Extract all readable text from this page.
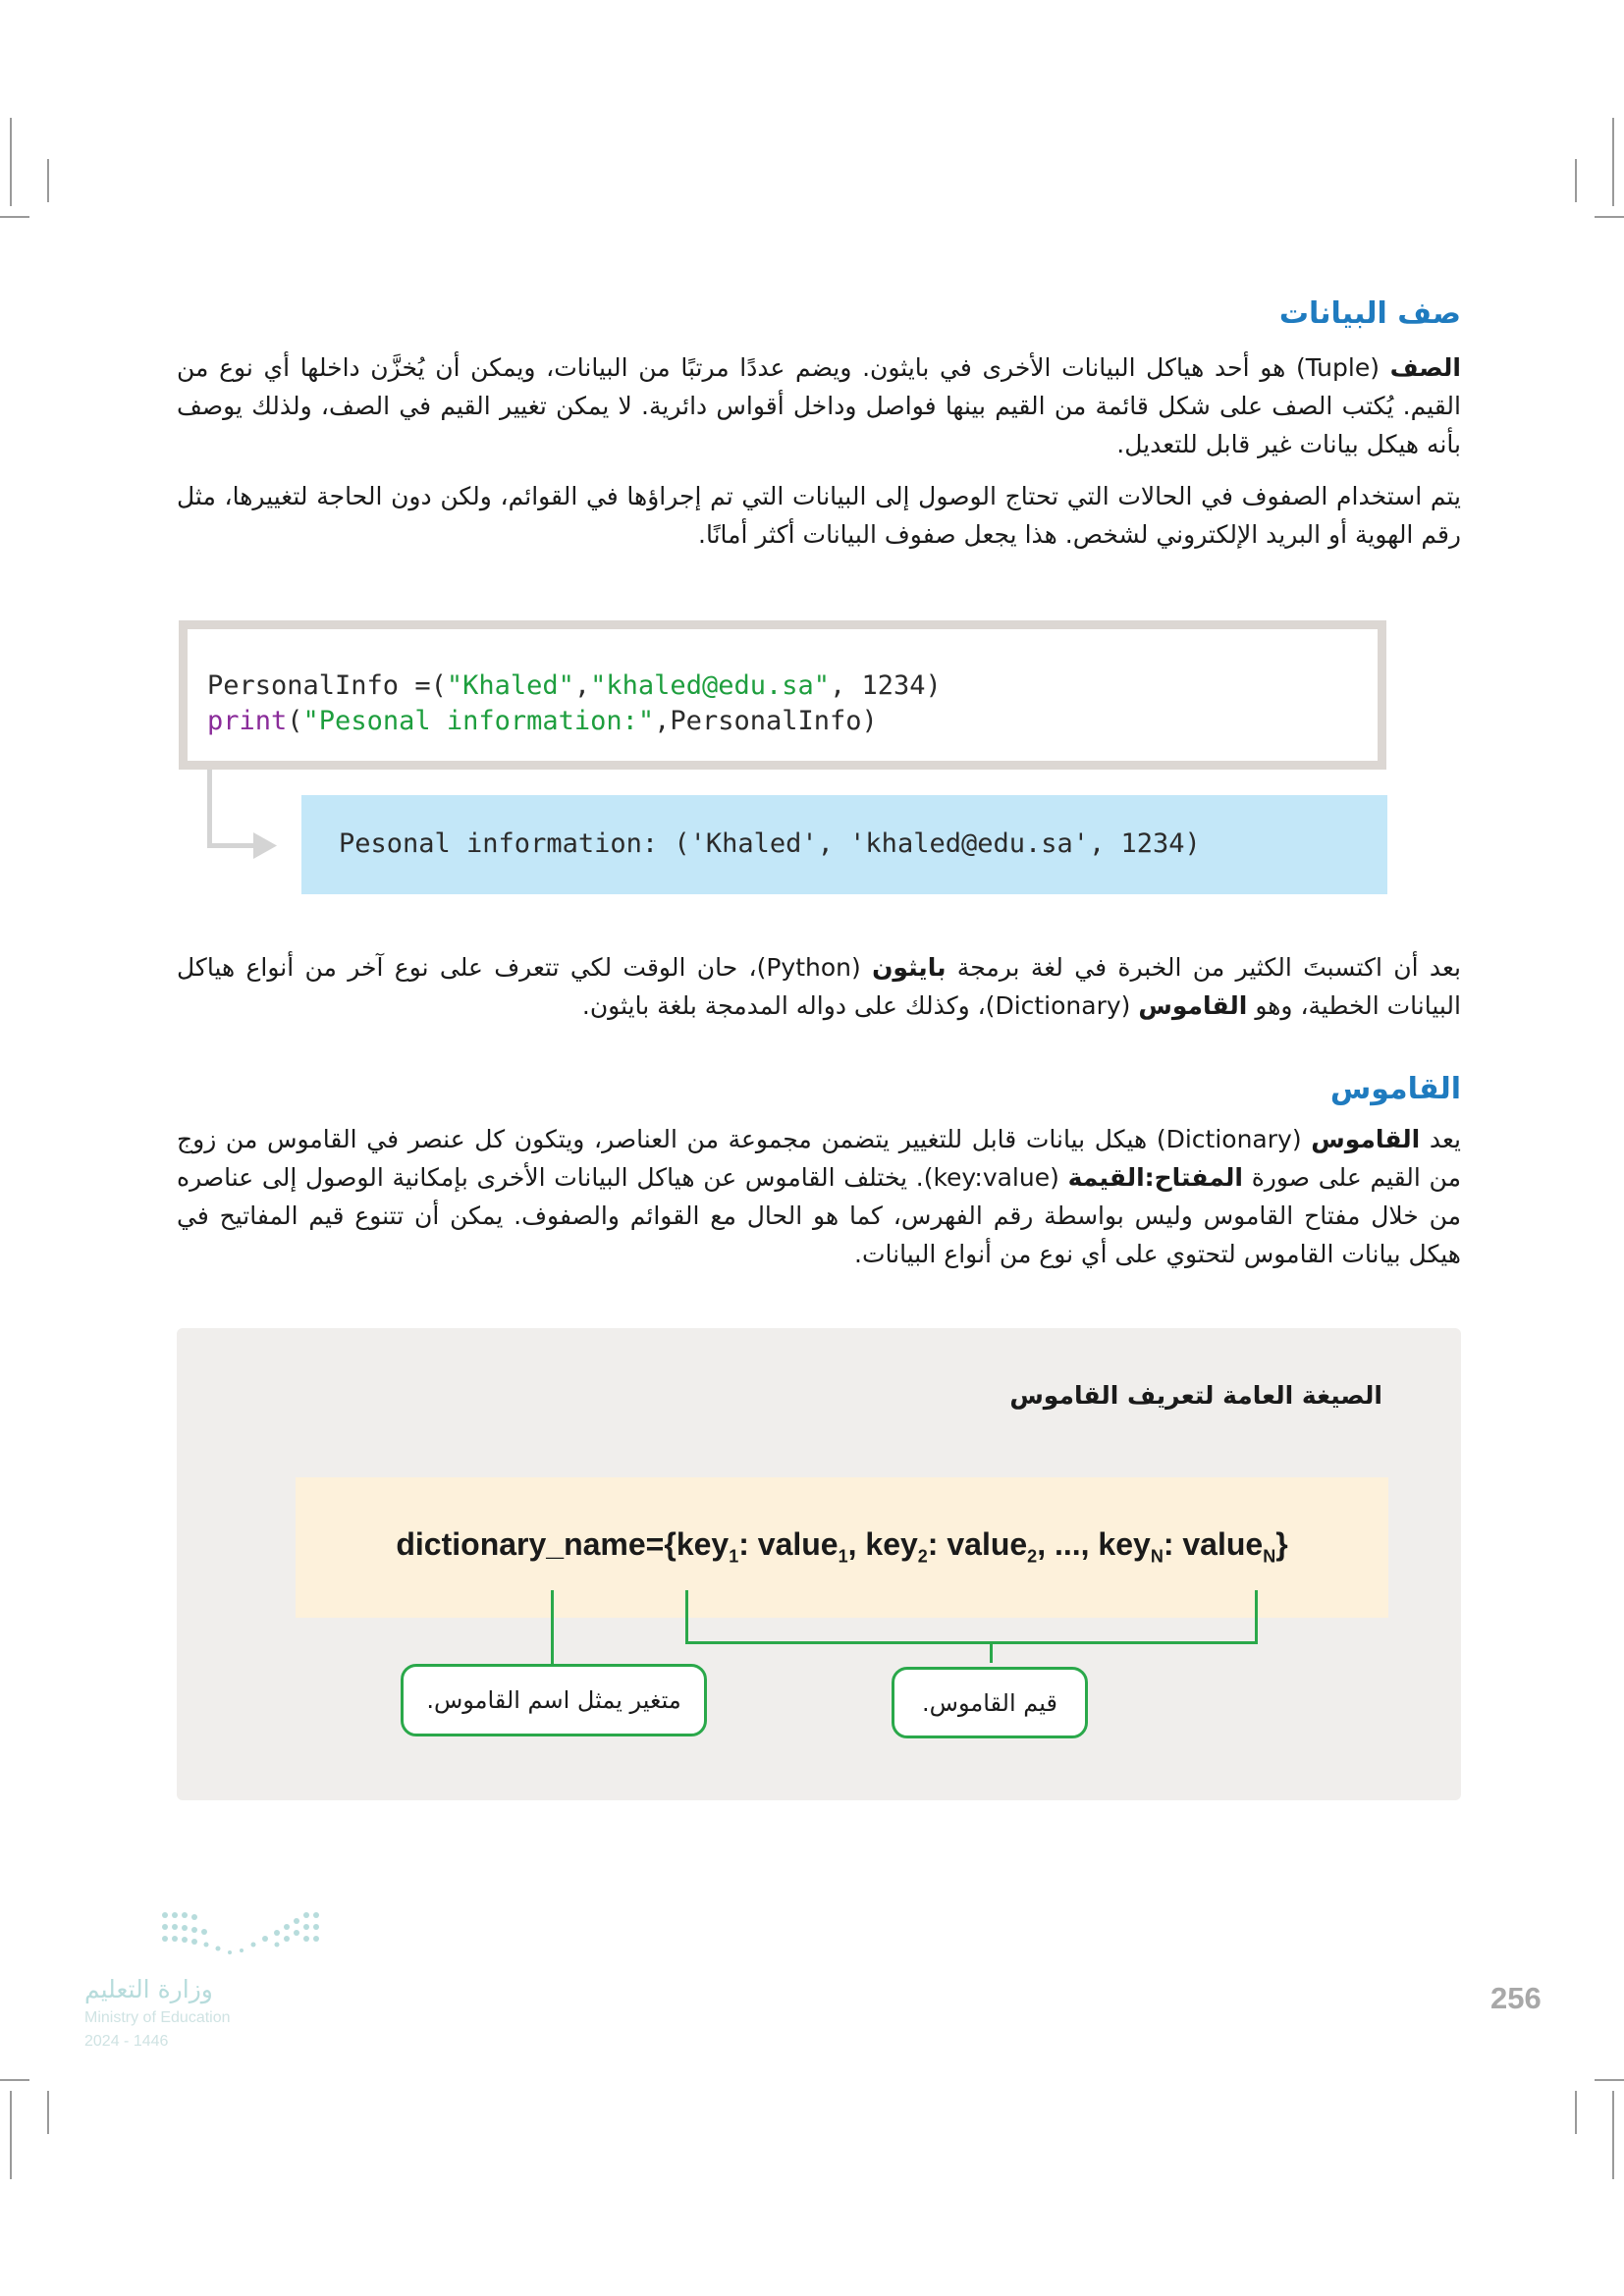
صف البيانات
الصف (Tuple) هو أحد هياكل البيانات الأخرى في بايثون. ويضم عددًا مرتبًا من البيانات، ويمكن أن يُخزَّن داخلها أي نوع من القيم. يُكتب الصف على شكل قائمة من القيم بينها فواصل وداخل أقواس دائرية. لا يمكن تغيير القيم في الصف، ولذلك يوصف بأنه هيكل بيانات غير قابل للتعديل.
يتم استخدام الصفوف في الحالات التي تحتاج الوصول إلى البيانات التي تم إجراؤها في القوائم، ولكن دون الحاجة لتغييرها، مثل رقم الهوية أو البريد الإلكتروني لشخص. هذا يجعل صفوف البيانات أكثر أمانًا.
PersonalInfo =("Khaled","khaled@edu.sa", 1234)
print("Pesonal information:",PersonalInfo)
Pesonal information: ('Khaled', 'khaled@edu.sa', 1234)
بعد أن اكتسبتَ الكثير من الخبرة في لغة برمجة بايثون (Python)، حان الوقت لكي تتعرف على نوع آخر من أنواع هياكل البيانات الخطية، وهو القاموس (Dictionary)، وكذلك على دواله المدمجة بلغة بايثون.
القاموس
يعد القاموس (Dictionary) هيكل بيانات قابل للتغيير يتضمن مجموعة من العناصر، ويتكون كل عنصر في القاموس من زوج من القيم على صورة المفتاح:القيمة (key:value). يختلف القاموس عن هياكل البيانات الأخرى بإمكانية الوصول إلى عناصره من خلال مفتاح القاموس وليس بواسطة رقم الفهرس، كما هو الحال مع القوائم والصفوف. يمكن أن تتنوع قيم المفاتيح في هيكل بيانات القاموس لتحتوي على أي نوع من أنواع البيانات.
الصيغة العامة لتعريف القاموس
dictionary_name={key$_1$: value$_1$, key$_2$: value$_2$, ..., key$_N$: value$_N$}
متغير يمثل اسم القاموس.	قيم القاموس.
وزارة التعليم
Ministry of Education
2024 - 1446
256
